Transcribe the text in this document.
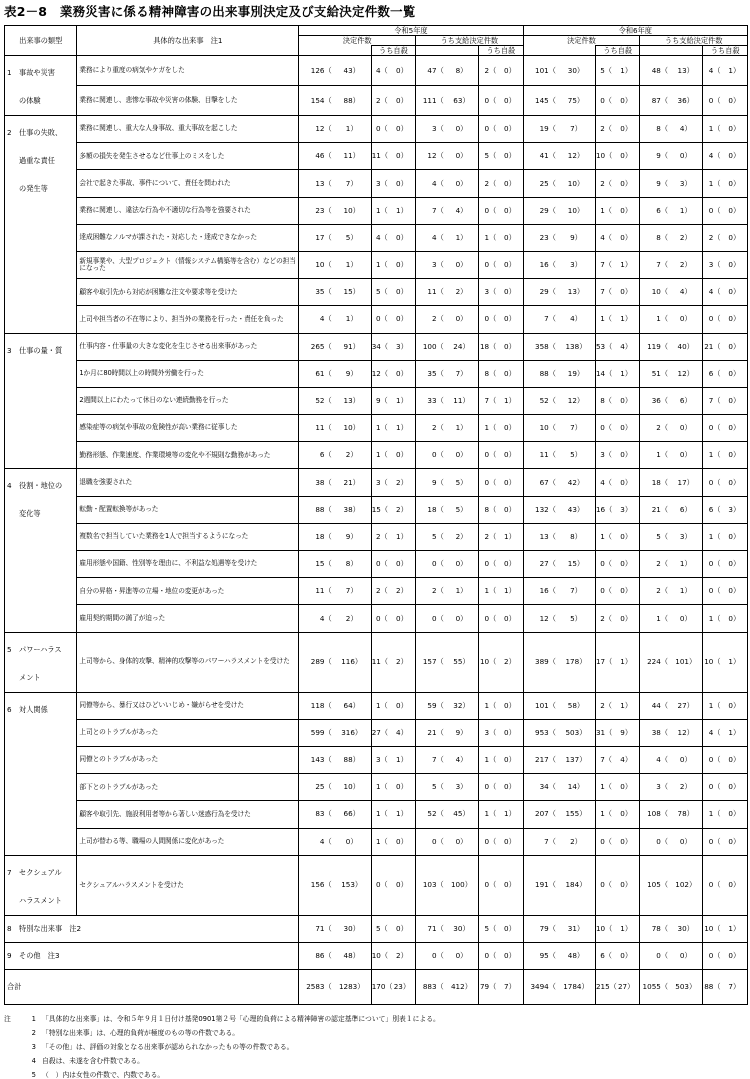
表2－8　業務災害に係る精神障害の出来事別決定及び支給決定件数一覧
出来事の類型	具体的な出来事　注1	令和5年度								令和6年度							
		決定件数				うち支給決定件数				決定件数				うち支給決定件数			
				うち自殺				うち自殺				うち自殺				うち自殺	

1 事故や災害
の体験	業務により重度の病気やケガをした	126（	43）	4（	0）	47（	8）	2（	0）	101（	30）	5（	1）	48（	13）	4（	1）
	業務に関連し、悲惨な事故や災害の体験、目撃をした	154（	88）	2（	0）	111（	63）	0（	0）	145（	75）	0（	0）	87（	36）	0（	0）

2 仕事の失敗、
過重な責任
の発生等	業務に関連し、重大な人身事故、重大事故を起こした	12（	1）	0（	0）	3（	0）	0（	0）	19（	7）	2（	0）	8（	4）	1（	0）
	多額の損失を発生させるなど仕事上のミスをした	46（	11）	11（	0）	12（	0）	5（	0）	41（	12）	10（	0）	9（	0）	4（	0）
	会社で起きた事故、事件について、責任を問われた	13（	7）	3（	0）	4（	0）	2（	0）	25（	10）	2（	0）	9（	3）	1（	0）
	業務に関連し、違法な行為や不適切な行為等を強要された	23（	10）	1（	1）	7（	4）	0（	0）	29（	10）	1（	0）	6（	1）	0（	0）
	達成困難なノルマが課された・対応した・達成できなかった	17（	5）	4（	0）	4（	1）	1（	0）	23（	9）	4（	0）	8（	2）	2（	0）
	新規事業や、大型プロジェクト（情報システム構築等を含む）などの担当になった	10（	1）	1（	0）	3（	0）	0（	0）	16（	3）	7（	1）	7（	2）	3（	0）
	顧客や取引先から対応が困難な注文や要求等を受けた	35（	15）	5（	0）	11（	2）	3（	0）	29（	13）	7（	0）	10（	4）	4（	0）
	上司や担当者の不在等により、担当外の業務を行った・責任を負った	4（	1）	0（	0）	2（	0）	0（	0）	7（	4）	1（	1）	1（	0）	0（	0）

3 仕事の量・質	仕事内容・仕事量の大きな変化を生じさせる出来事があった	265（	91）	34（	3）	100（	24）	18（	0）	358（	138）	53（	4）	119（	40）	21（	0）
	1か月に80時間以上の時間外労働を行った	61（	9）	12（	0）	35（	7）	8（	0）	88（	19）	14（	1）	51（	12）	6（	0）
	2週間以上にわたって休日のない連続勤務を行った	52（	13）	9（	1）	33（	11）	7（	1）	52（	12）	8（	0）	36（	6）	7（	0）
	感染症等の病気や事故の危険性が高い業務に従事した	11（	10）	1（	1）	2（	1）	1（	0）	10（	7）	0（	0）	2（	0）	0（	0）
	勤務形態、作業速度、作業環境等の変化や不規則な勤務があった	6（	2）	1（	0）	0（	0）	0（	0）	11（	5）	3（	0）	1（	0）	1（	0）

4 役割・地位の
変化等	退職を強要された	38（	21）	3（	2）	9（	5）	0（	0）	67（	42）	4（	0）	18（	17）	0（	0）
	転勤・配置転換等があった	88（	38）	15（	2）	18（	5）	8（	0）	132（	43）	16（	3）	21（	6）	6（	3）
	複数名で担当していた業務を1人で担当するようになった	18（	9）	2（	1）	5（	2）	2（	1）	13（	8）	1（	0）	5（	3）	1（	0）
	雇用形態や国籍、性別等を理由に、不利益な処遇等を受けた	15（	8）	0（	0）	0（	0）	0（	0）	27（	15）	0（	0）	2（	1）	0（	0）
	自分の昇格・昇進等の立場・地位の変更があった	11（	7）	2（	2）	2（	1）	1（	1）	16（	7）	0（	0）	2（	1）	0（	0）
	雇用契約期間の満了が迫った	4（	2）	0（	0）	0（	0）	0（	0）	12（	5）	2（	0）	1（	0）	1（	0）

5 パワーハラス
メント	上司等から、身体的攻撃、精神的攻撃等のパワーハラスメントを受けた	289（	116）	11（	2）	157（	55）	10（	2）	389（	178）	17（	1）	224（	101）	10（	1）

6 対人関係	同僚等から、暴行又はひどいいじめ・嫌がらせを受けた	118（	64）	1（	0）	59（	32）	1（	0）	101（	58）	2（	1）	44（	27）	1（	0）
	上司とのトラブルがあった	599（	316）	27（	4）	21（	9）	3（	0）	953（	503）	31（	9）	38（	12）	4（	1）
	同僚とのトラブルがあった	143（	88）	3（	1）	7（	4）	1（	0）	217（	137）	7（	4）	4（	0）	0（	0）
	部下とのトラブルがあった	25（	10）	1（	0）	5（	3）	0（	0）	34（	14）	1（	0）	3（	2）	0（	0）
	顧客や取引先、施設利用者等から著しい迷惑行為を受けた	83（	66）	1（	1）	52（	45）	1（	1）	207（	155）	1（	0）	108（	78）	1（	0）
	上司が替わる等、職場の人間関係に変化があった	4（	0）	1（	0）	0（	0）	0（	0）	7（	2）	0（	0）	0（	0）	0（	0）

7 セクシュアル
ハラスメント	セクシュアルハラスメントを受けた	156（	153）	0（	0）	103（	100）	0（	0）	191（	184）	0（	0）	105（	102）	0（	0）

8 特別な出来事　注2		71（	30）	5（	0）	71（	30）	5（	0）	79（	31）	10（	1）	78（	30）	10（	1）

9 その他　注3		86（	48）	10（	2）	0（	0）	0（	0）	95（	48）	6（	0）	0（	0）	0（	0）
合計		2583（	1283）	170（	23）	883（	412）	79（	7）	3494（	1784）	215（	27）	1055（	503）	88（	7）
注	1 「具体的な出来事」は、令和５年９月１日付け基発0901第２号「心理的負荷による精神障害の認定基準について」別表１による。
2 「特別な出来事」は、心理的負荷が極度のもの等の件数である。
3 「その他」は、評価の対象となる出来事が認められなかったもの等の件数である。
4 自殺は、未遂を含む件数である。
5 （　）内は女性の件数で、内数である。
